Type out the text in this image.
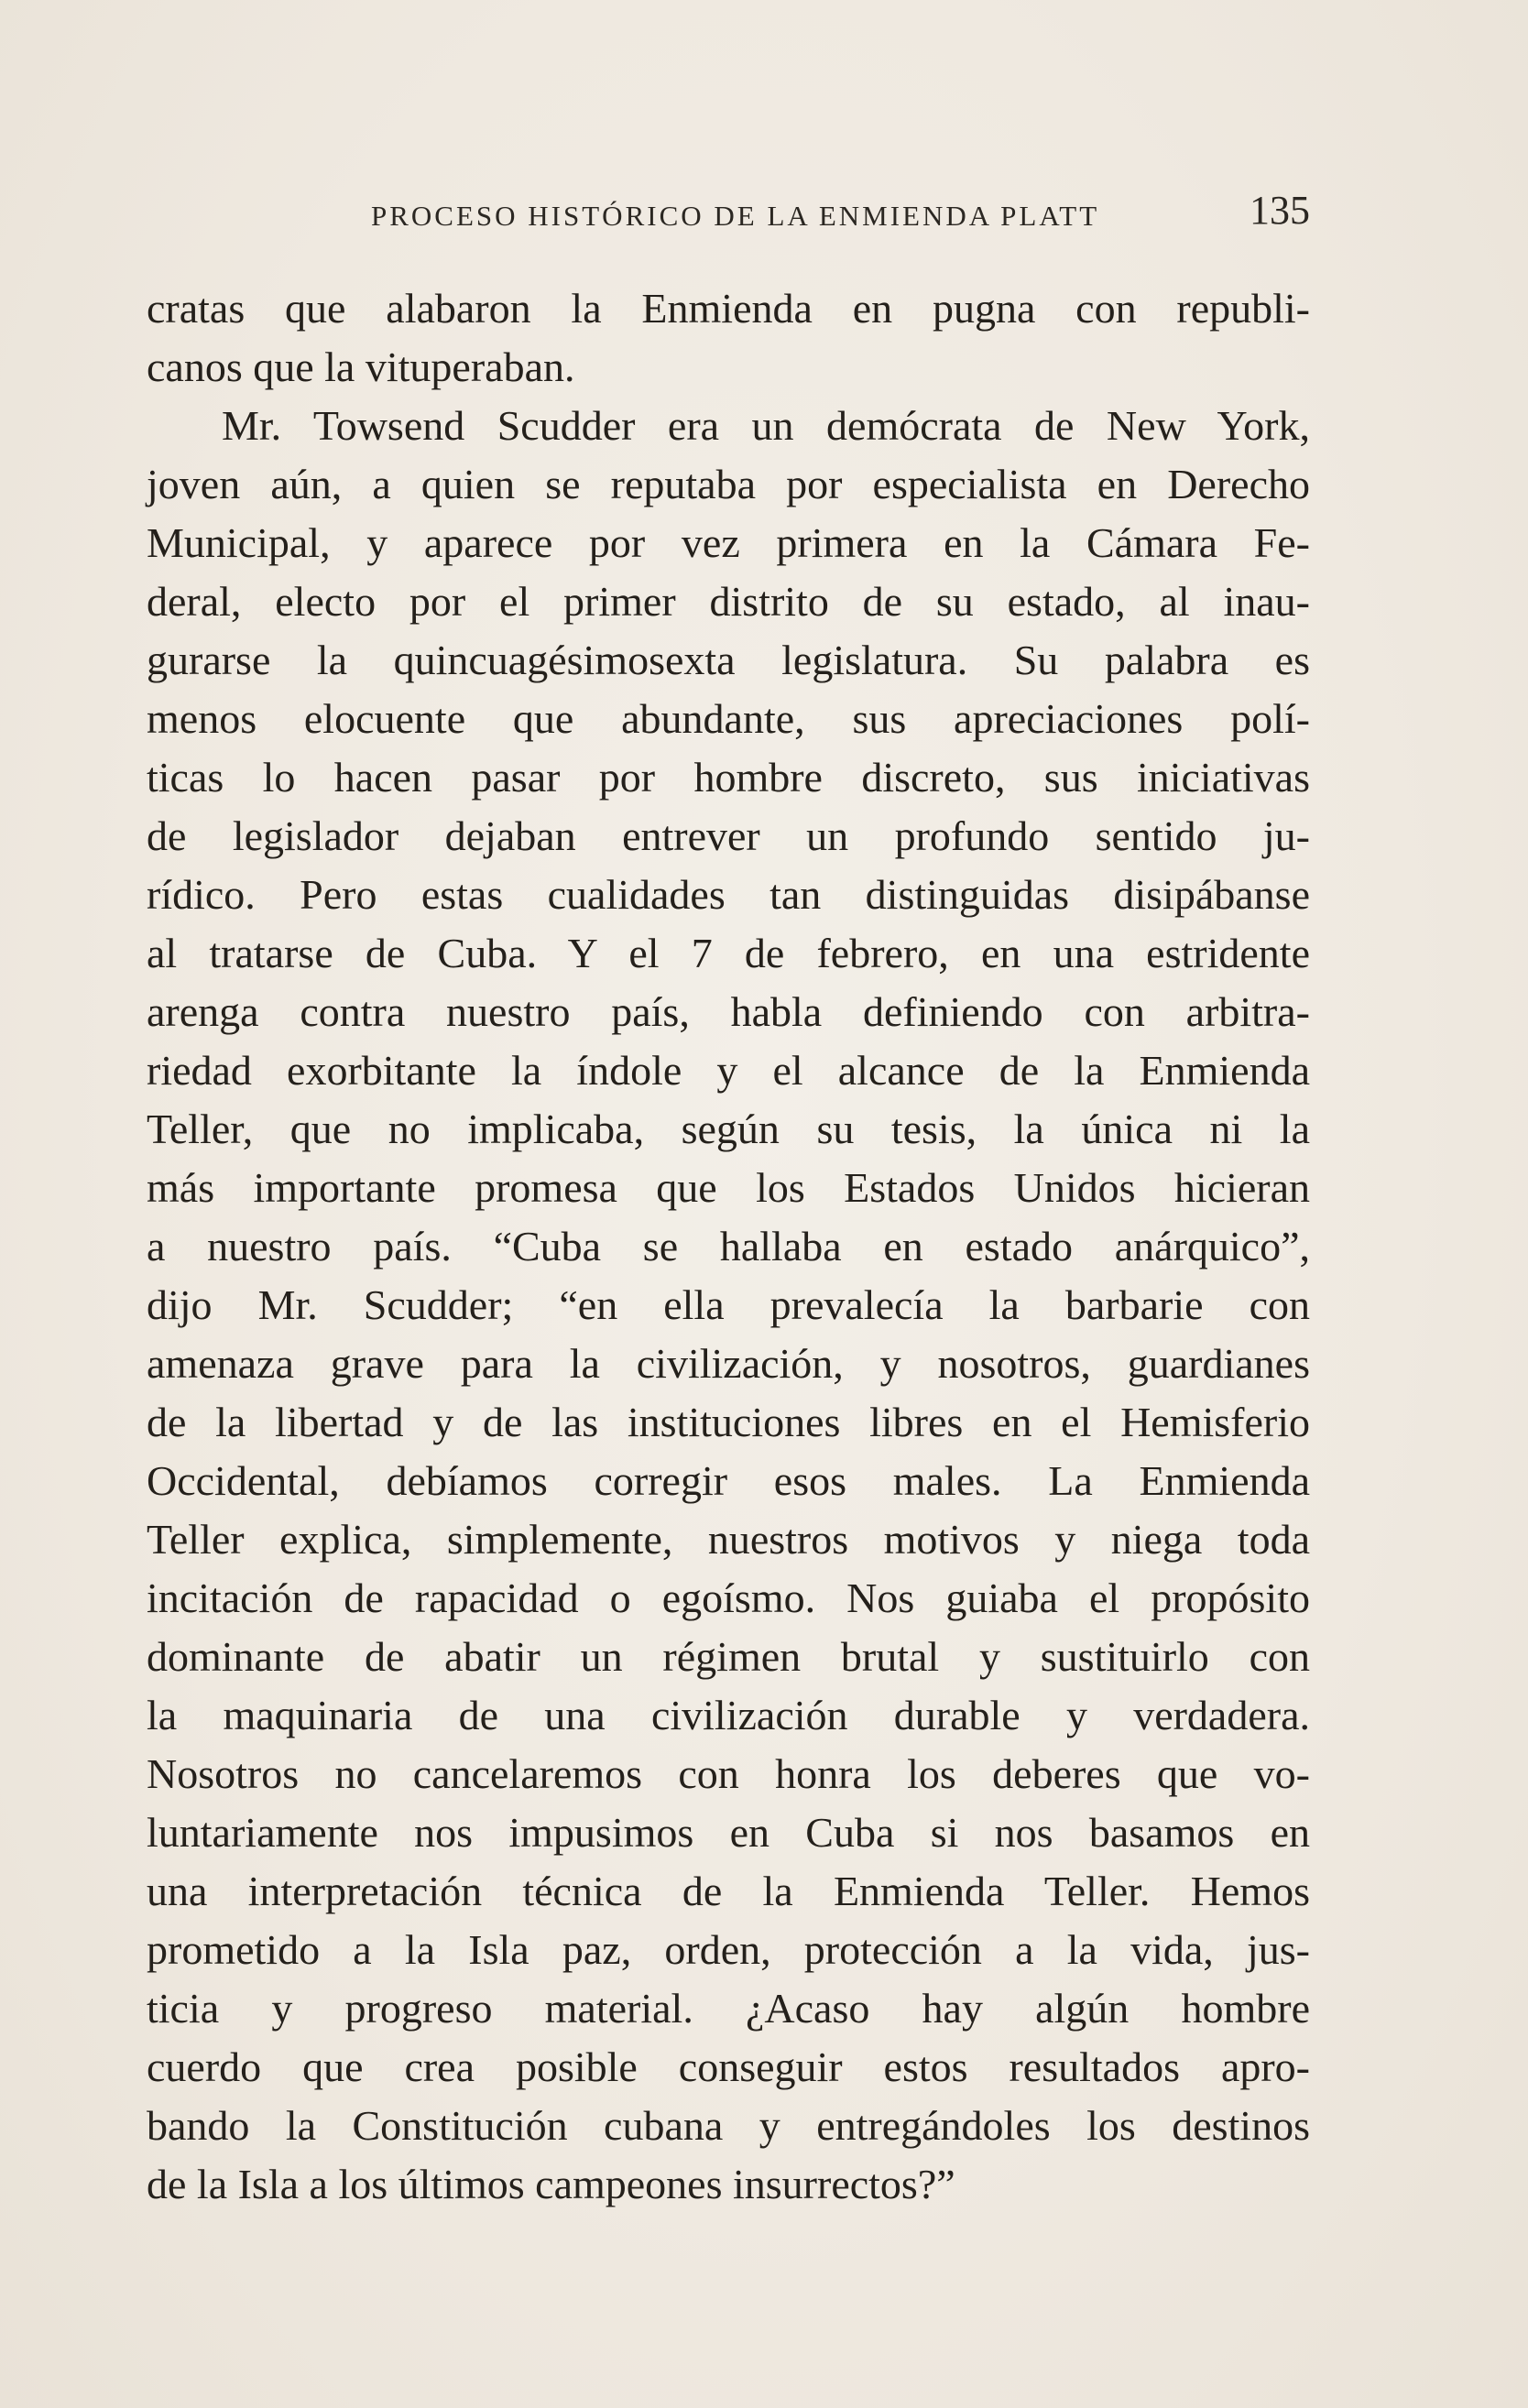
PROCESO HISTÓRICO DE LA ENMIENDA PLATT	135
cratas que alabaron la Enmienda en pugna con republi-
canos que la vituperaban.
Mr. Towsend Scudder era un demócrata de New York,
joven aún, a quien se reputaba por especialista en Derecho
Municipal, y aparece por vez primera en la Cámara Fe-
deral, electo por el primer distrito de su estado, al inau-
gurarse la quincuagésimosexta legislatura. Su palabra es
menos elocuente que abundante, sus apreciaciones polí-
ticas lo hacen pasar por hombre discreto, sus iniciativas
de legislador dejaban entrever un profundo sentido ju-
rídico. Pero estas cualidades tan distinguidas disipábanse
al tratarse de Cuba. Y el 7 de febrero, en una estridente
arenga contra nuestro país, habla definiendo con arbitra-
riedad exorbitante la índole y el alcance de la Enmienda
Teller, que no implicaba, según su tesis, la única ni la
más importante promesa que los Estados Unidos hicieran
a nuestro país. “Cuba se hallaba en estado anárquico”,
dijo Mr. Scudder; “en ella prevalecía la barbarie con
amenaza grave para la civilización, y nosotros, guardianes
de la libertad y de las instituciones libres en el Hemisferio
Occidental, debíamos corregir esos males. La Enmienda
Teller explica, simplemente, nuestros motivos y niega toda
incitación de rapacidad o egoísmo. Nos guiaba el propósito
dominante de abatir un régimen brutal y sustituirlo con
la maquinaria de una civilización durable y verdadera.
Nosotros no cancelaremos con honra los deberes que vo-
luntariamente nos impusimos en Cuba si nos basamos en
una interpretación técnica de la Enmienda Teller. Hemos
prometido a la Isla paz, orden, protección a la vida, jus-
ticia y progreso material. ¿Acaso hay algún hombre
cuerdo que crea posible conseguir estos resultados apro-
bando la Constitución cubana y entregándoles los destinos
de la Isla a los últimos campeones insurrectos?”
